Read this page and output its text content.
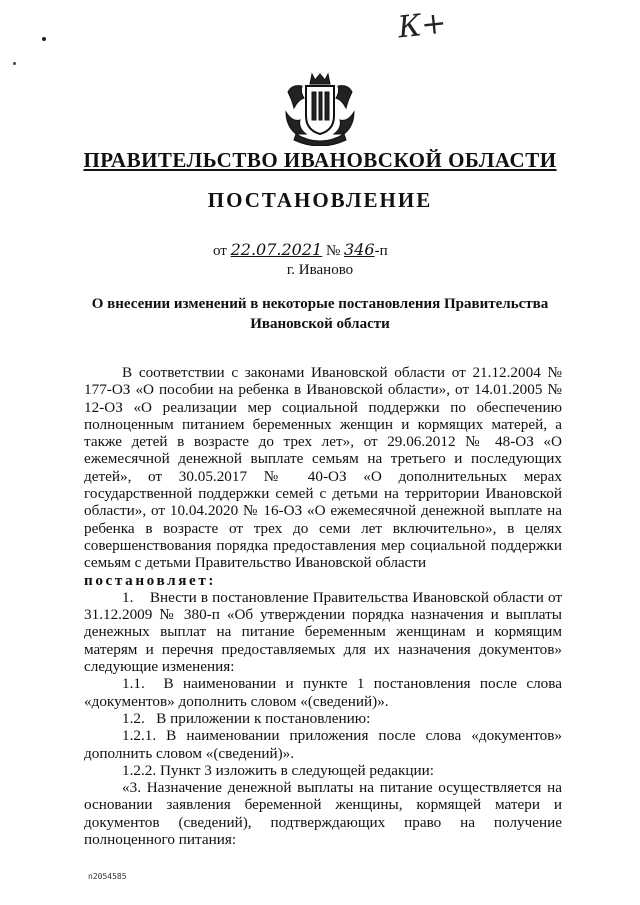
К+
ПРАВИТЕЛЬСТВО ИВАНОВСКОЙ ОБЛАСТИ
ПОСТАНОВЛЕНИЕ
от 22.07.2021 № 346-п
г. Иваново
О внесении изменений в некоторые постановления Правительства Ивановской области

В соответствии с законами Ивановской области от 21.12.2004 № 177-ОЗ «О пособии на ребенка в Ивановской области», от 14.01.2005 № 12-ОЗ «О реализации мер социальной поддержки по обеспечению полноценным питанием беременных женщин и кормящих матерей, а также детей в возрасте до трех лет», от 29.06.2012 № 48-ОЗ «О ежемесячной денежной выплате семьям на третьего и последующих детей», от 30.05.2017 № 40-ОЗ «О дополнительных мерах государственной поддержки семей с детьми на территории Ивановской области», от 10.04.2020 № 16-ОЗ «О ежемесячной денежной выплате на ребенка в возрасте от трех до семи лет включительно», в целях совершенствования порядка предоставления мер социальной поддержки семьям с детьми Правительство Ивановской области

постановляет:

1.    Внести в постановление Правительства Ивановской области от 31.12.2009 № 380-п «Об утверждении порядка назначения и выплаты денежных выплат на питание беременным женщинам и кормящим матерям и перечня предоставляемых для их назначения документов» следующие изменения:

1.1.  В наименовании и пункте 1 постановления после слова «документов» дополнить словом «(сведений)».

1.2.   В приложении к постановлению:

1.2.1. В наименовании приложения после слова «документов» дополнить словом «(сведений)».

1.2.2. Пункт 3 изложить в следующей редакции:

«3. Назначение денежной выплаты на питание осуществляется на основании заявления беременной женщины, кормящей матери и документов (сведений), подтверждающих право на получение полноценного питания:

n2054585
